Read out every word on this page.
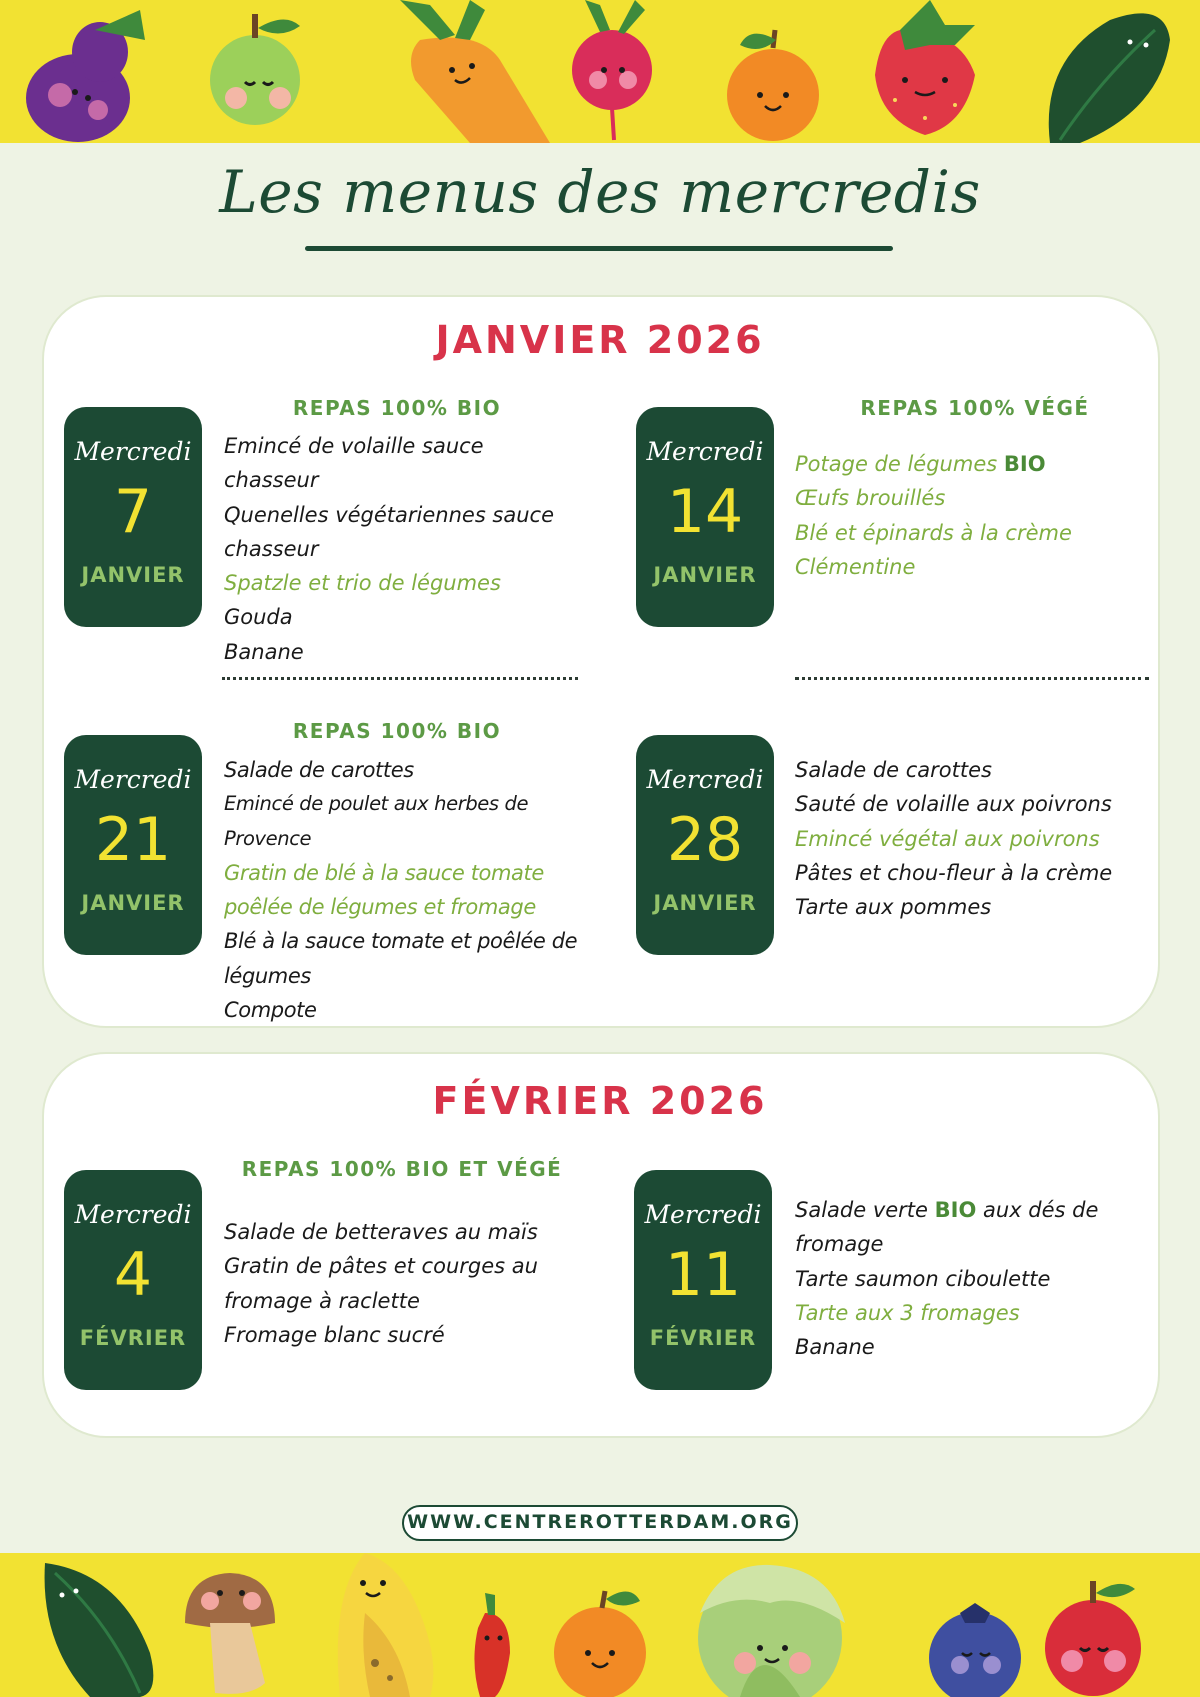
Les menus des mercredis
JANVIER 2026
Mercredi
7
JANVIER
REPAS 100% BIO
Emincé de volaille sauce chasseur
Quenelles végétariennes sauce
chasseur
Spatzle et trio de légumes
Gouda
Banane
Mercredi
14
JANVIER
REPAS 100% VÉGÉ
Potage de légumes BIO
Œufs brouillés
Blé et épinards à la crème
Clémentine
Mercredi
21
JANVIER
REPAS 100% BIO
Salade de carottes
Emincé de poulet aux herbes de Provence
Gratin de blé à la sauce tomate
poêlée de légumes et fromage
Blé à la sauce tomate et poêlée de
légumes
Compote
Mercredi
28
JANVIER
Salade de carottes
Sauté de volaille aux poivrons
Emincé végétal aux poivrons
Pâtes et chou-fleur à la crème
Tarte aux pommes
FÉVRIER 2026
Mercredi
4
FÉVRIER
REPAS 100% BIO ET VÉGÉ
Salade de betteraves au maïs
Gratin de pâtes et courges au
fromage à raclette
Fromage blanc sucré
Mercredi
11
FÉVRIER
Salade verte BIO aux dés de
fromage
Tarte saumon ciboulette
Tarte aux 3 fromages
Banane
WWW.CENTREROTTERDAM.ORG
